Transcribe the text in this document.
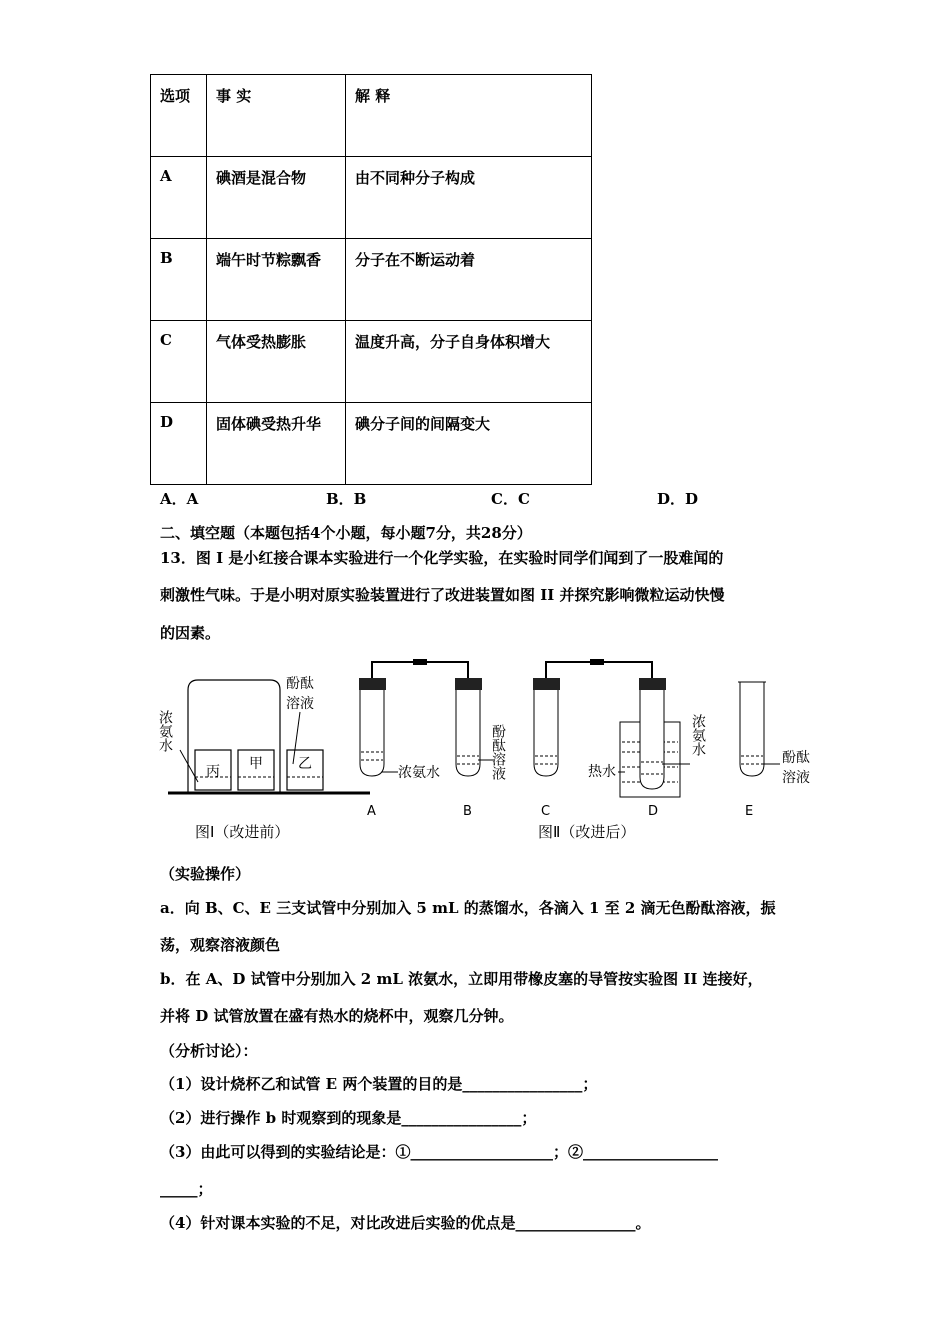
选项	事 实	解 释
A	碘酒是混合物	由不同种分子构成
B	端午时节粽飘香	分子在不断运动着
C	气体受热膨胀	温度升高，分子自身体积增大
D	固体碘受热升华	碘分子间的间隔变大
A．A	B．B	C．C	D．D
二、填空题（本题包括4个小题，每小题7分，共28分）
13．图 I 是小红接合课本实验进行一个化学实验，在实验时同学们闻到了一股难闻的
刺激性气味。于是小明对原实验装置进行了改进装置如图 II 并探究影响微粒运动快慢
的因素。
丙 甲	乙
浓氨水
酚酞
溶液
图Ⅰ（改进前）
浓氨水	酚酞溶液	热水
浓氨水
酚酞
溶液
A	B	C	D	E
图Ⅱ（改进后）
（实验操作）
a．向 B、C、E 三支试管中分别加入 5 mL 的蒸馏水，各滴入 1 至 2 滴无色酚酞溶液，振
荡，观察溶液颜色
b．在 A、D 试管中分别加入 2 mL 浓氨水，立即用带橡皮塞的导管按实验图 II 连接好，
并将 D 试管放置在盛有热水的烧杯中，观察几分钟。
（分析讨论）：
（1）设计烧杯乙和试管 E 两个装置的目的是________________；
（2）进行操作 b 时观察到的现象是________________；
（3）由此可以得到的实验结论是：①___________________；②__________________
_____；
（4）针对课本实验的不足，对比改进后实验的优点是________________。
